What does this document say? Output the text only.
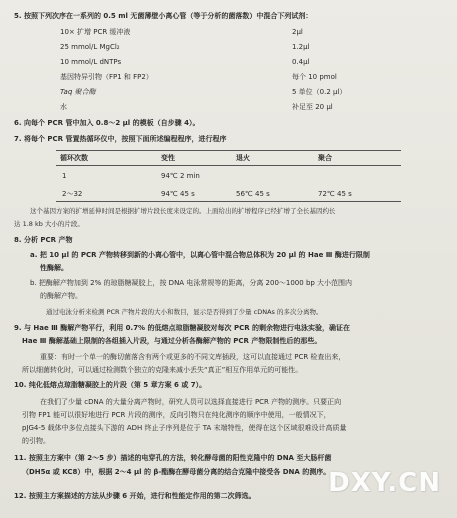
5. 按照下列次序在一系列的 0.5 ml 无菌薄壁小离心管（等于分析的菌落数）中混合下列试剂：
10× 扩增 PCR 缓冲液	2μl
25 mmol/L MgCl₂	1.2μl
10 mmol/L dNTPs	0.4μl
基因特异引物（FP1 和 FP2）	每个 10 pmol
Taq 聚合酶	5 单位（0.2 μl）
水	补足至 20 μl
6. 向每个 PCR 管中加入 0.8～2 μl 的模板（自步骤 4）。
7. 将每个 PCR 管置热循环仪中，按照下面所述编程程序，进行程序
循环次数	变性	退火	聚合
1	94℃ 2 min
2～32	94℃ 45 s	56℃ 45 s	72℃ 45 s
这个基因方案的扩增延伸时间是根据扩增片段长度来设定的。上面给出的扩增程序已经扩增了全长基因约长
达 1.8 kb 大小的片段。
8. 分析 PCR 产物
a. 把 10 μl 的 PCR 产物转移到新的小离心管中，以离心管中混合物总体积为 20 μl 的 Hae Ⅲ 酶进行限制
性酶解。
b. 把酶解产物加到 2% 的琼脂糖凝胶上，按 DNA 电泳常规等的距离，分离 200～1000 bp 大小范围内
的酶解产物。
通过电泳分析来检测 PCR 产物片段的大小和数目，显示是否得到了少量 cDNAs 的多次分离物。
9. 与 Hae Ⅲ 酶解产物平行，利用 0.7% 的低熔点琼脂糖凝胶对每次 PCR 的剩余物进行电泳实验，确证在
Hae Ⅲ 酶解基础上限制的各组插入片段，与通过分析各酶解产物的 PCR 产物限制性后的那些。
重要：有时一个单一的酶切菌落含有两个或更多的不同文库插段，这可以直接通过 PCR 检查出来，
所以细菌转化时，可以通过检测数个独立的克隆来减小丢失“真正”相互作用单元的可能性。
10. 纯化低熔点琼脂糖凝胶上的片段（第 5 章方案 6 或 7）。
在我们了少量 cDNA 的大量分离产物时，研究人员可以选择直接进行 PCR 产物的测序。只要正向
引物 FP1 能可以很好地进行 PCR 片段的测序，反向引物只在纯化测序的顺序中使用，一般情况下，
pJG4-5 载体中多位点接头下游的 ADH 终止子序列是位于 TA 末端特性，使得在这个区域很难设计高质量
的引物。
11. 按照主方案中（第 2～5 步）描述的电穿孔的方法，转化酵母菌的阳性克隆中的 DNA 至大肠杆菌
（DH5α 或 KC8）中，根据 2～4 μl 的 β-酯酶在酵母菌分离的结合克隆中接受各 DNA 的测序。
12. 按照主方案描述的方法从步骤 6 开始，进行和性能定作用的第二次筛选。	DXY.CN
